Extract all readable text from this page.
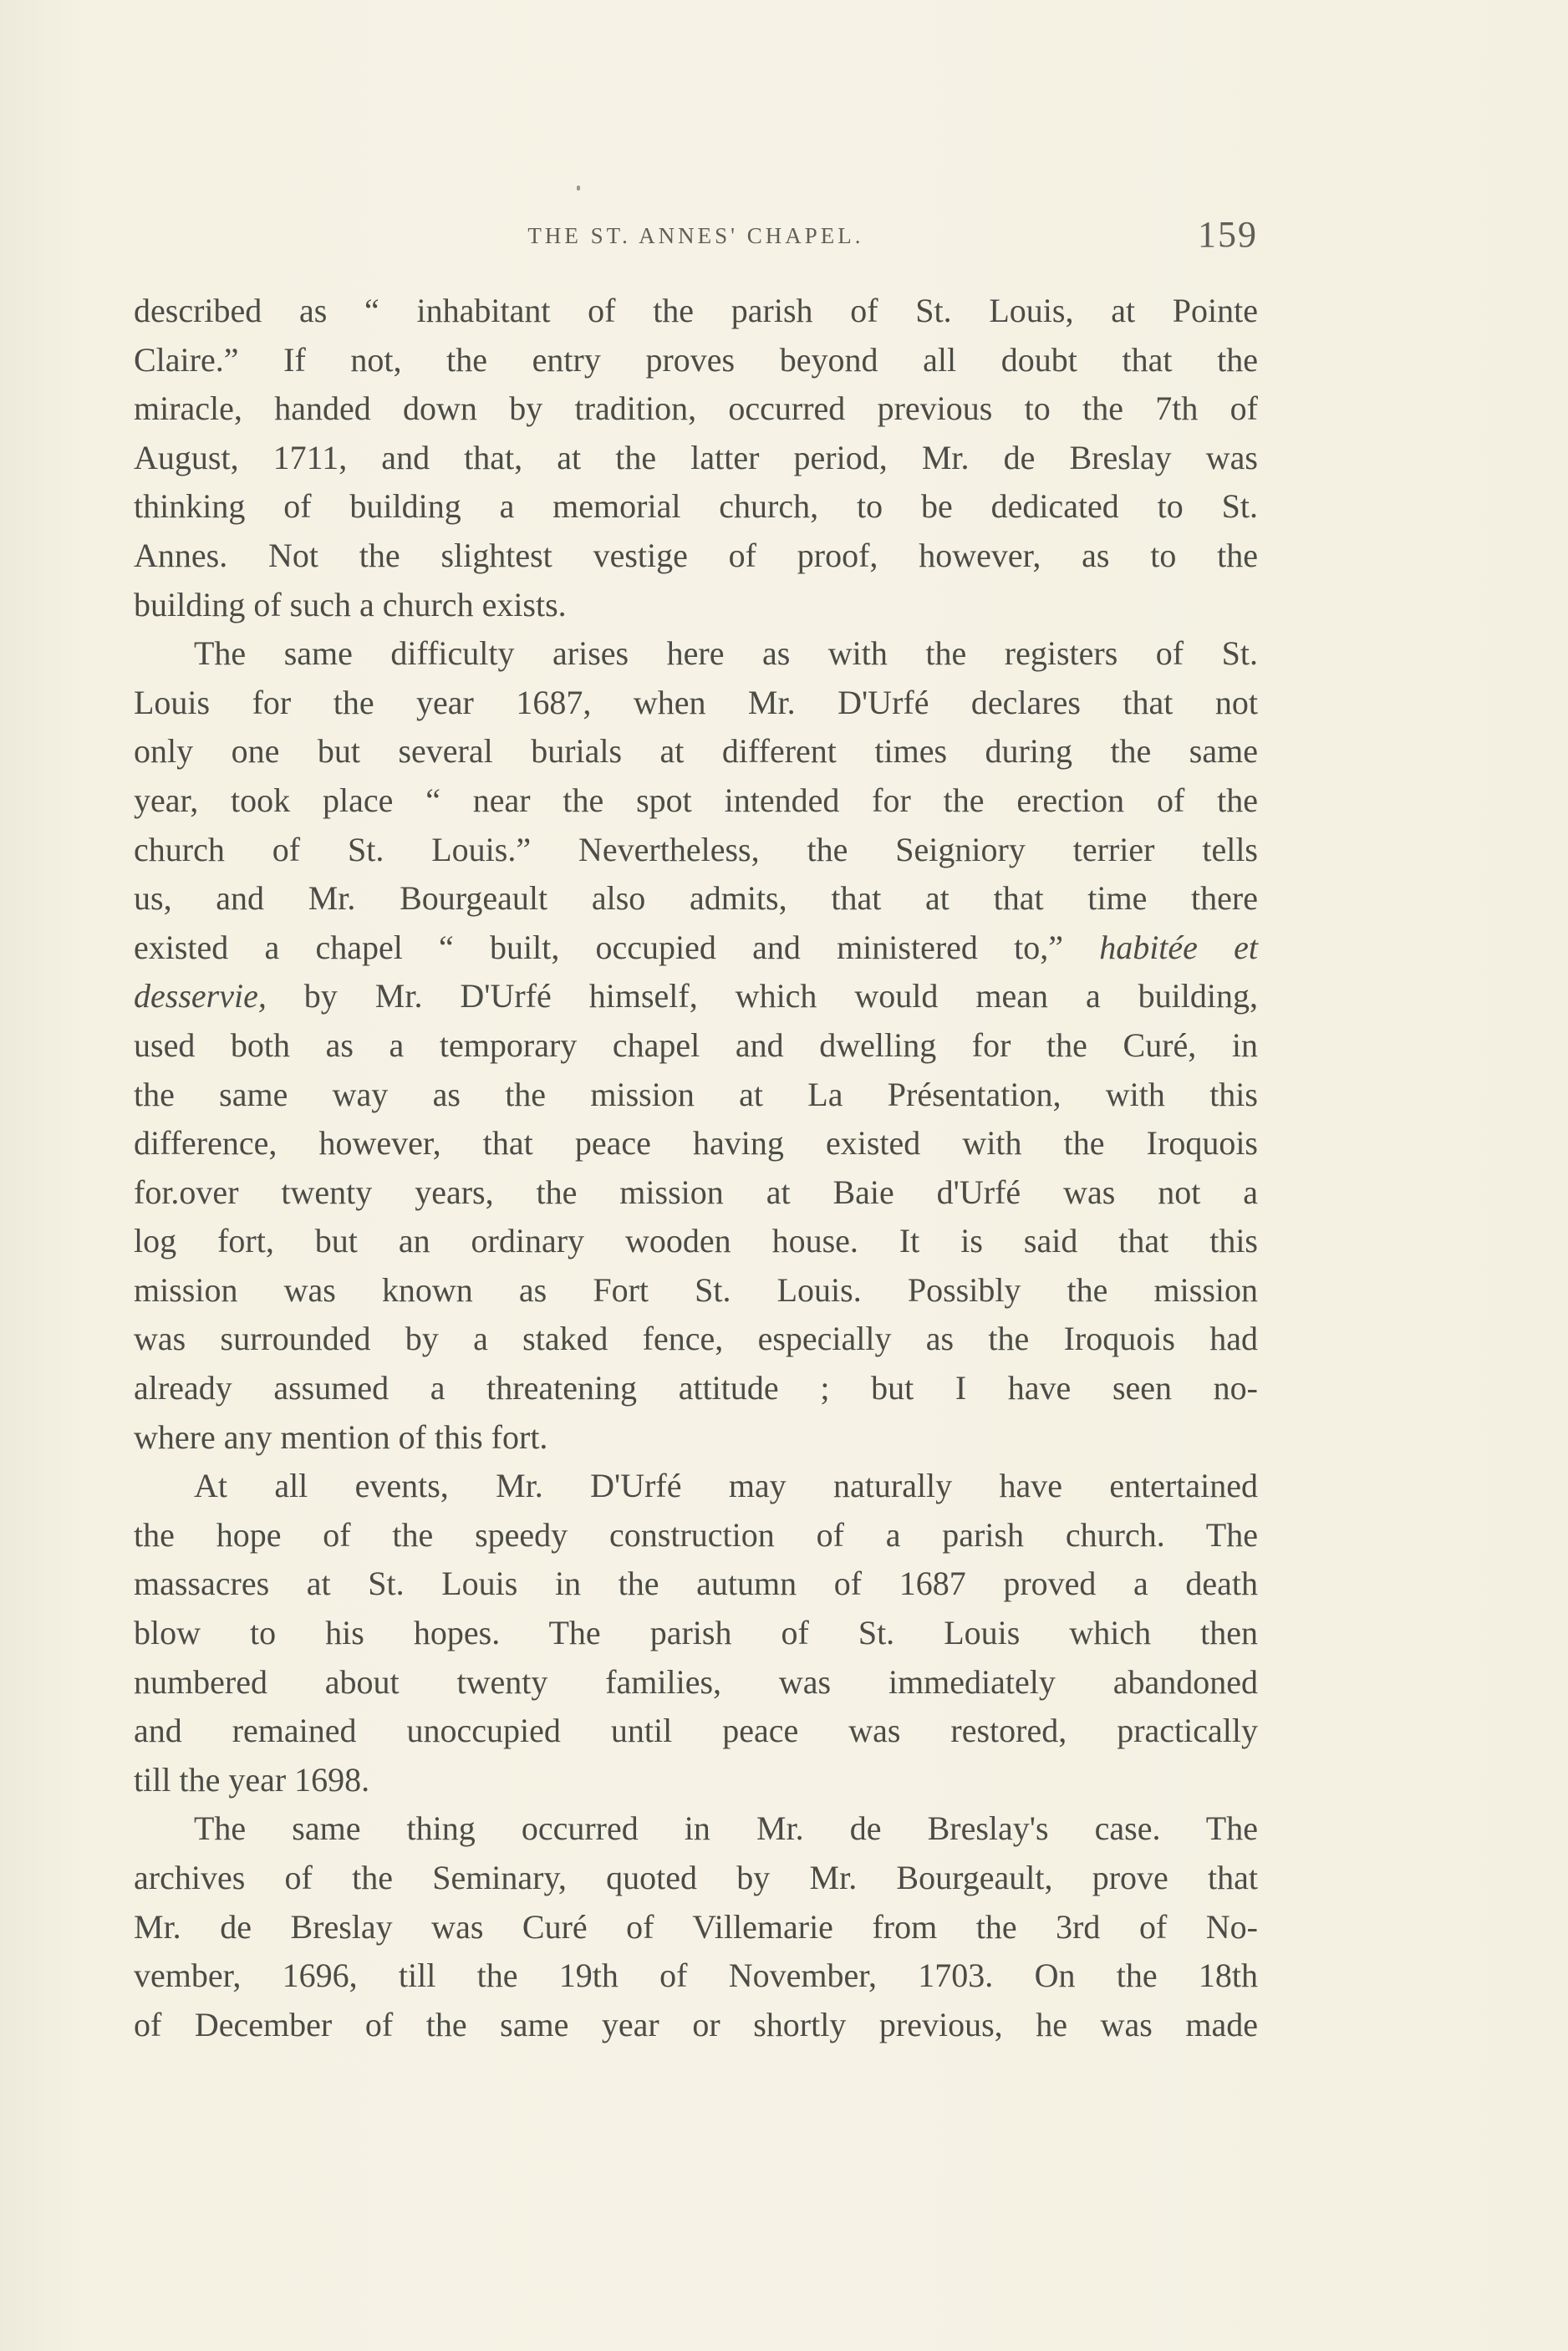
THE ST. ANNES' CHAPEL.	159

described as “ inhabitant of the parish of St. Louis, at Pointe
Claire.” If not, the entry proves beyond all doubt that the
miracle, handed down by tradition, occurred previous to the 7th of
August, 1711, and that, at the latter period, Mr. de Breslay was
thinking of building a memorial church, to be dedicated to St.
Annes. Not the slightest vestige of proof, however, as to the
building of such a church exists.

The same difficulty arises here as with the registers of St.
Louis for the year 1687, when Mr. D'Urfé declares that not
only one but several burials at different times during the same
year, took place “ near the spot intended for the erection of the
church of St. Louis.” Nevertheless, the Seigniory terrier tells
us, and Mr. Bourgeault also admits, that at that time there
existed a chapel “ built, occupied and ministered to,” habitée et
desservie, by Mr. D'Urfé himself, which would mean a building,
used both as a temporary chapel and dwelling for the Curé, in
the same way as the mission at La Présentation, with this
difference, however, that peace having existed with the Iroquois
for.over twenty years, the mission at Baie d'Urfé was not a
log fort, but an ordinary wooden house. It is said that this
mission was known as Fort St. Louis. Possibly the mission
was surrounded by a staked fence, especially as the Iroquois had
already assumed a threatening attitude ; but I have seen no-
where any mention of this fort.

At all events, Mr. D'Urfé may naturally have entertained
the hope of the speedy construction of a parish church. The
massacres at St. Louis in the autumn of 1687 proved a death
blow to his hopes. The parish of St. Louis which then
numbered about twenty families, was immediately abandoned
and remained unoccupied until peace was restored, practically
till the year 1698.

The same thing occurred in Mr. de Breslay's case. The
archives of the Seminary, quoted by Mr. Bourgeault, prove that
Mr. de Breslay was Curé of Villemarie from the 3rd of No-
vember, 1696, till the 19th of November, 1703. On the 18th
of December of the same year or shortly previous, he was made
